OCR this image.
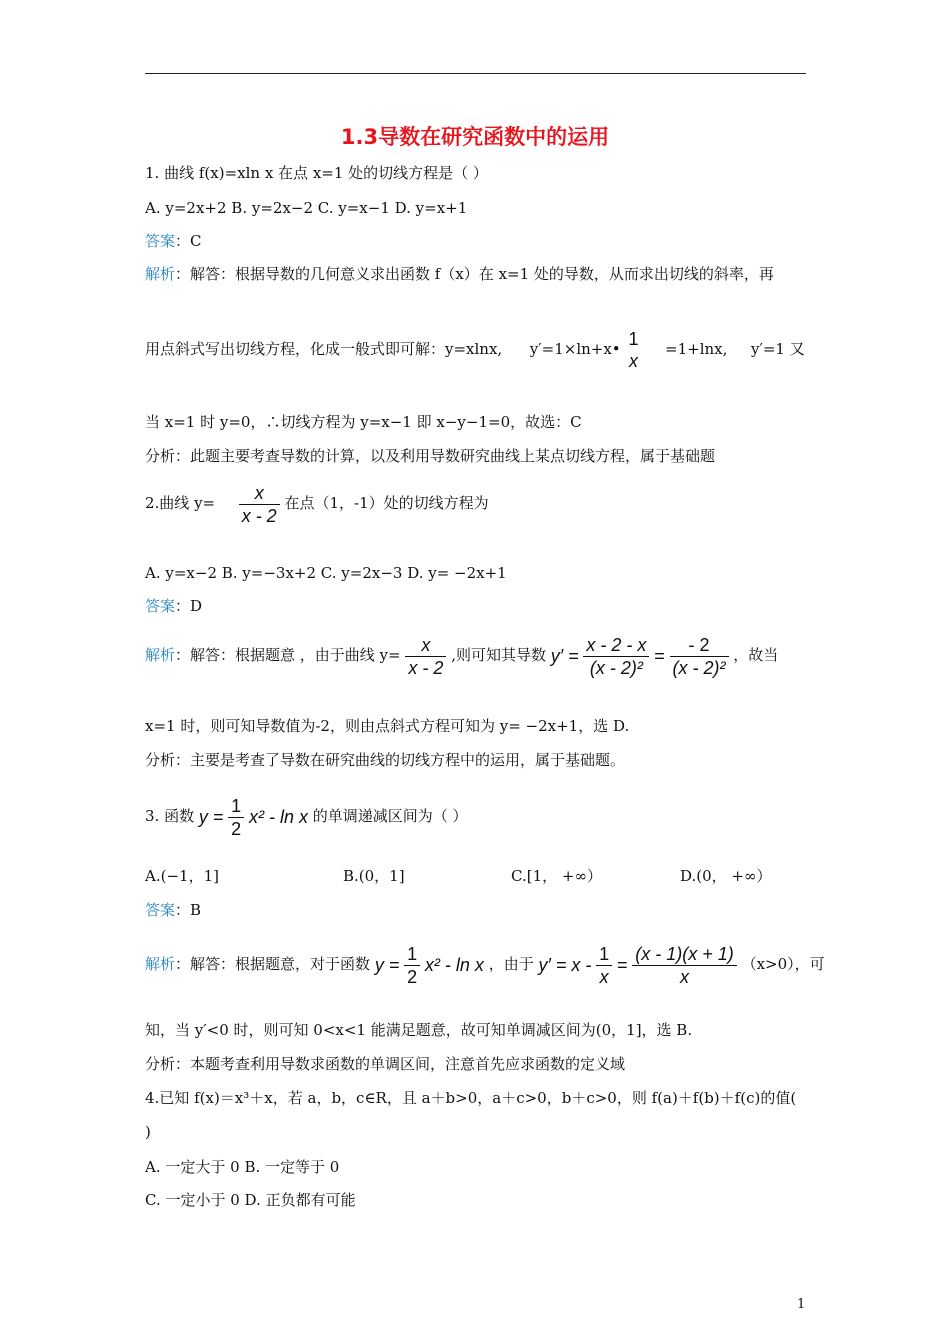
1.3导数在研究函数中的运用
1. 曲线 f(x)=xln x 在点 x=1 处的切线方程是（ ）
A. y=2x+2 B. y=2x−2 C. y=x−1 D. y=x+1
答案：C
解析：解答：根据导数的几何意义求出函数 f（x）在 x=1 处的导数，从而求出切线的斜率，再
用点斜式写出切线方程，化成一般式即可解：y=xlnx, y′=1×ln+x• 1
x
=1+lnx, y′=1 又
当 x=1 时 y=0，∴切线方程为 y=x−1 即 x−y−1=0，故选：C
分析：此题主要考查导数的计算，以及利用导数研究曲线上某点切线方程，属于基础题
2.曲线 $y= \frac{x}{x - 2}$ 在点（1，-1）处的切线方程为
A. y=x−2 B. y=−3x+2 C. y=2x−3 D. y= −2x+1
答案：D
解析：解答：根据题意 ，由于曲线 $y= \frac{x}{x - 2}$ ,则可知其导数 $y' = \frac{x - 2 - x}{\text{(x - 2)²}} = \frac{- 2}{\text{(x - 2)²}}$ ，故当
x=1 时，则可知导数值为-2，则由点斜式方程可知为 y= −2x+1，选 D.
分析：主要是考查了导数在研究曲线的切线方程中的运用，属于基础题。
3. 函数 $y = \frac{1}{2} x^2 - \ln x$ 的单调递减区间为（ ）
A.(−1，1]	B.(0，1]	C.[1， +∞）	D.(0， +∞）
答案：B
解析：解答：根据题意，对于函数 $y = \frac{1}{2} x^2 - \ln x$ ，由于 $y' = x - \frac{1}{x} = \frac{(x - 1)(x + 1)}{x} (x>0)$，可
知，当 y′<0 时，则可知 0<x<1 能满足题意，故可知单调减区间为(0，1]，选 B.
分析：本题考查利用导数求函数的单调区间，注意首先应求函数的定义域
4.已知 f(x)＝x³＋x，若 a，b，c∈R，且 a＋b>0，a＋c>0，b＋c>0，则 f(a)＋f(b)＋f(c)的值(
)
A. 一定大于 0 B. 一定等于 0
C. 一定小于 0 D. 正负都有可能
1
